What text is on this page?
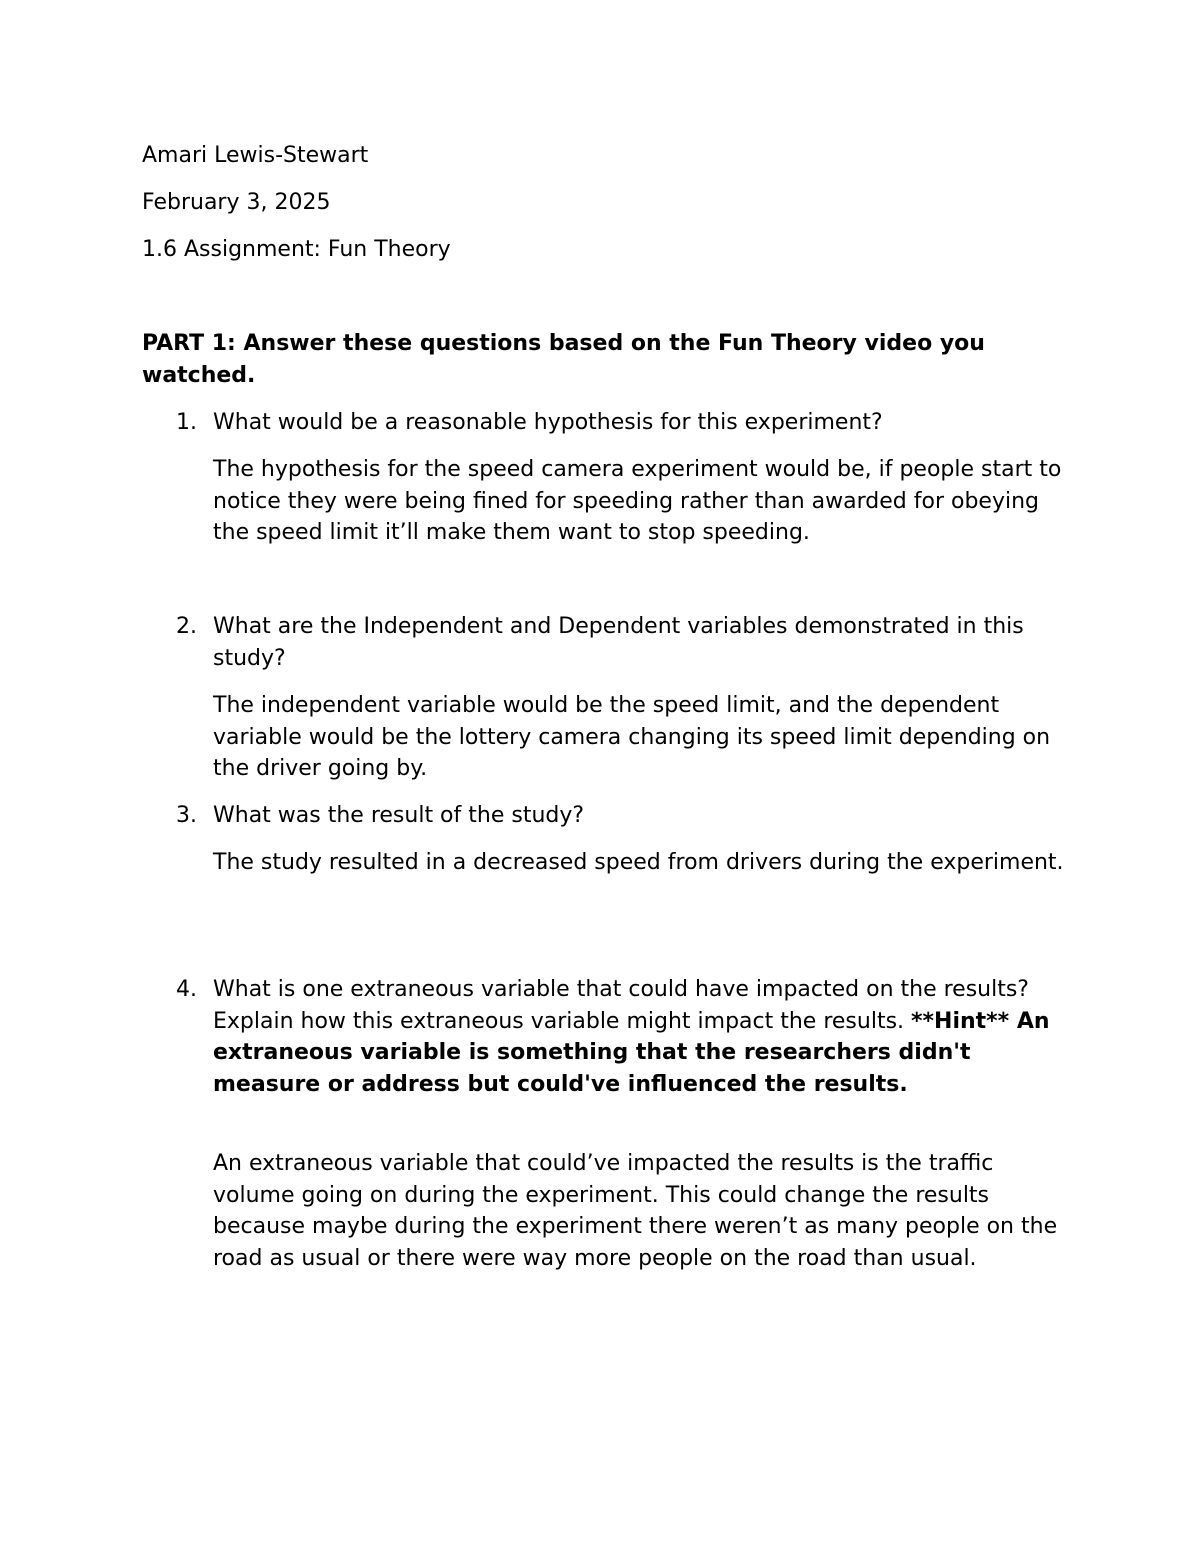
Amari Lewis-Stewart
February 3, 2025
1.6 Assignment: Fun Theory
PART 1: Answer these questions based on the Fun Theory video you watched.
1. What would be a reasonable hypothesis for this experiment?
The hypothesis for the speed camera experiment would be, if people start to notice they were being fined for speeding rather than awarded for obeying the speed limit it’ll make them want to stop speeding.
2. What are the Independent and Dependent variables demonstrated in this study?
The independent variable would be the speed limit, and the dependent variable would be the lottery camera changing its speed limit depending on the driver going by.
3. What was the result of the study?
The study resulted in a decreased speed from drivers during the experiment.
4. What is one extraneous variable that could have impacted on the results? Explain how this extraneous variable might impact the results. **Hint** An extraneous variable is something that the researchers didn't measure or address but could've influenced the results.
An extraneous variable that could’ve impacted the results is the traffic volume going on during the experiment. This could change the results because maybe during the experiment there weren’t as many people on the road as usual or there were way more people on the road than usual.
